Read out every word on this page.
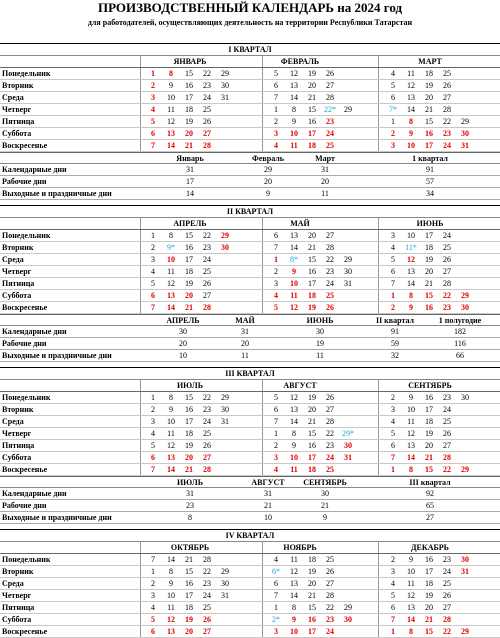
ПРОИЗВОДСТВЕННЫЙ КАЛЕНДАРЬ на 2024 год
для работодателей, осуществляющих деятельность на территории Республики Татарстан
I КВАРТАЛ
ЯНВАРЬ	ФЕВРАЛЬ	МАРТ
Понедельник	1	8	15	22	29	5	12	19	26	4	11	18	25
Вторник	2	9	16	23	30	6	13	20	27	5	12	19	26
Среда	3	10	17	24	31	7	14	21	28	6	13	20	27
Четверг	4	11	18	25	1	8	15	22*	29	7*	14	21	28
Пятница	5	12	19	26	2	9	16	23	1	8	15	22	29
Суббота	6	13	20	27	3	10	17	24	2	9	16	23	30
Воскресенье	7	14	21	28	4	11	18	25	3	10	17	24	31
Январь	Февраль	Март	1 квартал
Календарные дни	31	29	31	91
Рабочие дни	17	20	20	57
Выходные и праздничные дни	14	9	11	34
II КВАРТАЛ
АПРЕЛЬ	МАЙ	ИЮНЬ
Понедельник	1	8	15	22	29	6	13	20	27	3	10	17	24
Вторник	2	9*	16	23	30	7	14	21	28	4	11*	18	25
Среда	3	10	17	24	1	8*	15	22	29	5	12	19	26
Четверг	4	11	18	25	2	9	16	23	30	6	13	20	27
Пятница	5	12	19	26	3	10	17	24	31	7	14	21	28
Суббота	6	13	20	27	4	11	18	25	1	8	15	22	29
Воскресенье	7	14	21	28	5	12	19	26	2	9	16	23	30
АПРЕЛЬ	МАЙ	ИЮНЬ	II квартал	1 полугодие
Календарные дни	30	31	30	91	182
Рабочие дни	20	20	19	59	116
Выходные и праздничные дни	10	11	11	32	66
III КВАРТАЛ
ИЮЛЬ	АВГУСТ	СЕНТЯБРЬ
Понедельник	1	8	15	22	29	5	12	19	26	2	9	16	23	30
Вторник	2	9	16	23	30	6	13	20	27	3	10	17	24
Среда	3	10	17	24	31	7	14	21	28	4	11	18	25
Четверг	4	11	18	25	1	8	15	22	29*	5	12	19	26
Пятница	5	12	19	26	2	9	16	23	30	6	13	20	27
Суббота	6	13	20	27	3	10	17	24	31	7	14	21	28
Воскресенье	7	14	21	28	4	11	18	25	1	8	15	22	29
ИЮЛЬ	АВГУСТ	СЕНТЯБРЬ	III квартал
Календарные дни	31	31	30	92
Рабочие дни	23	21	21	65
Выходные и праздничные дни	8	10	9	27
IV КВАРТАЛ
ОКТЯБРЬ	НОЯБРЬ	ДЕКАБРЬ
Понедельник	7	14	21	28	4	11	18	25	2	9	16	23	30
Вторник	1	8	15	22	29	6*	12	19	26	3	10	17	24	31
Среда	2	9	16	23	30	6	13	20	27	4	11	18	25
Четверг	3	10	17	24	31	7	14	21	28	5	12	19	26
Пятница	4	11	18	25	1	8	15	22	29	6	13	20	27
Суббота	5	12	19	26	2*	9	16	23	30	7	14	21	28
Воскресенье	6	13	20	27	3	10	17	24	1	8	15	22	29
